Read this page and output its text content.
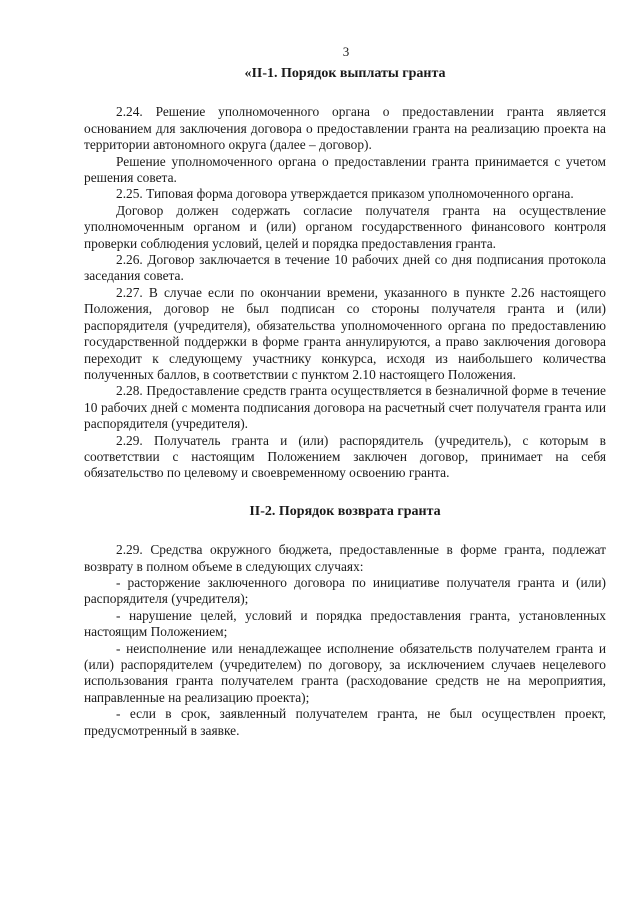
3
«II-1. Порядок выплаты гранта

2.24. Решение уполномоченного органа о предоставлении гранта является основанием для заключения договора о предоставлении гранта на реализацию проекта на территории автономного округа (далее – договор).

Решение уполномоченного органа о предоставлении гранта принимается с учетом решения совета.

2.25. Типовая форма договора утверждается приказом уполномоченного органа.

Договор должен содержать согласие получателя гранта на осуществление уполномоченным органом и (или) органом государственного финансового контроля проверки соблюдения условий, целей и порядка предоставления гранта.

2.26. Договор заключается в течение 10 рабочих дней со дня подписания протокола заседания совета.

2.27. В случае если по окончании времени, указанного в пункте 2.26 настоящего Положения, договор не был подписан со стороны получателя гранта и (или) распорядителя (учредителя), обязательства уполномоченного органа по предоставлению государственной поддержки в форме гранта аннулируются, а право заключения договора переходит к следующему участнику конкурса, исходя из наибольшего количества полученных баллов, в соответствии с пунктом 2.10 настоящего Положения.

2.28. Предоставление средств гранта осуществляется в безналичной форме в течение 10 рабочих дней с момента подписания договора на расчетный счет получателя гранта или распорядителя (учредителя).

2.29. Получатель гранта и (или) распорядитель (учредитель), с которым в соответствии с настоящим Положением заключен договор, принимает на себя обязательство по целевому и своевременному освоению гранта.

II-2. Порядок возврата гранта

2.29. Средства окружного бюджета, предоставленные в форме гранта, подлежат возврату в полном объеме в следующих случаях:

- расторжение заключенного договора по инициативе получателя гранта и (или) распорядителя (учредителя);

- нарушение целей, условий и порядка предоставления гранта, установленных настоящим Положением;

- неисполнение или ненадлежащее исполнение обязательств получателем гранта и (или) распорядителем (учредителем) по договору, за исключением случаев нецелевого использования гранта получателем гранта (расходование средств не на мероприятия, направленные на реализацию проекта);

- если в срок, заявленный получателем гранта, не был осуществлен проект, предусмотренный в заявке.
